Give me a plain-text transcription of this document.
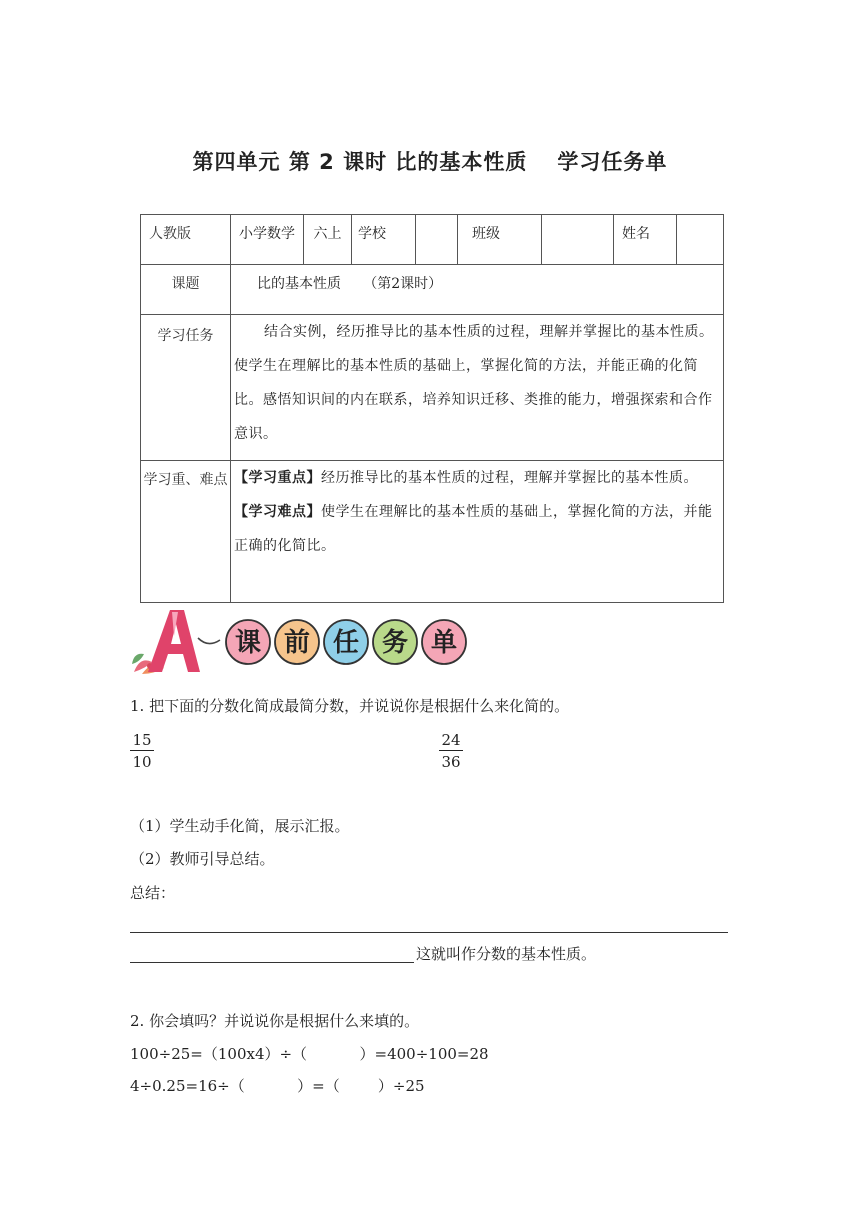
第四单元 第 2 课时 比的基本性质 学习任务单
人教版	小学数学	六上	学校		班级		姓名	
课题	比的基本性质     （第2课时）							
学习任务	结合实例，经历推导比的基本性质的过程，理解并掌握比的基本性质。使学生在理解比的基本性质的基础上，掌握化简的方法，并能正确的化简比。感悟知识间的内在联系，培养知识迁移、类推的能力，增强探索和合作意识。							

学习重、难点	【学习重点】经历推导比的基本性质的过程，理解并掌握比的基本性质。
【学习难点】使学生在理解比的基本性质的基础上，掌握化简的方法，并能正确的化简比。							
课 前 任 务 单
1. 把下面的分数化简成最简分数，并说说你是根据什么来化简的。
$\frac{15}{10}$	$\frac{24}{36}$
（1）学生动手化简，展示汇报。
（2）教师引导总结。
总结：
这就叫作分数的基本性质。
2. 你会填吗？并说说你是根据什么来填的。
100÷25=（100x4）÷（           ）=400÷100=28
4÷0.25=16÷（           ）=（        ）÷25
